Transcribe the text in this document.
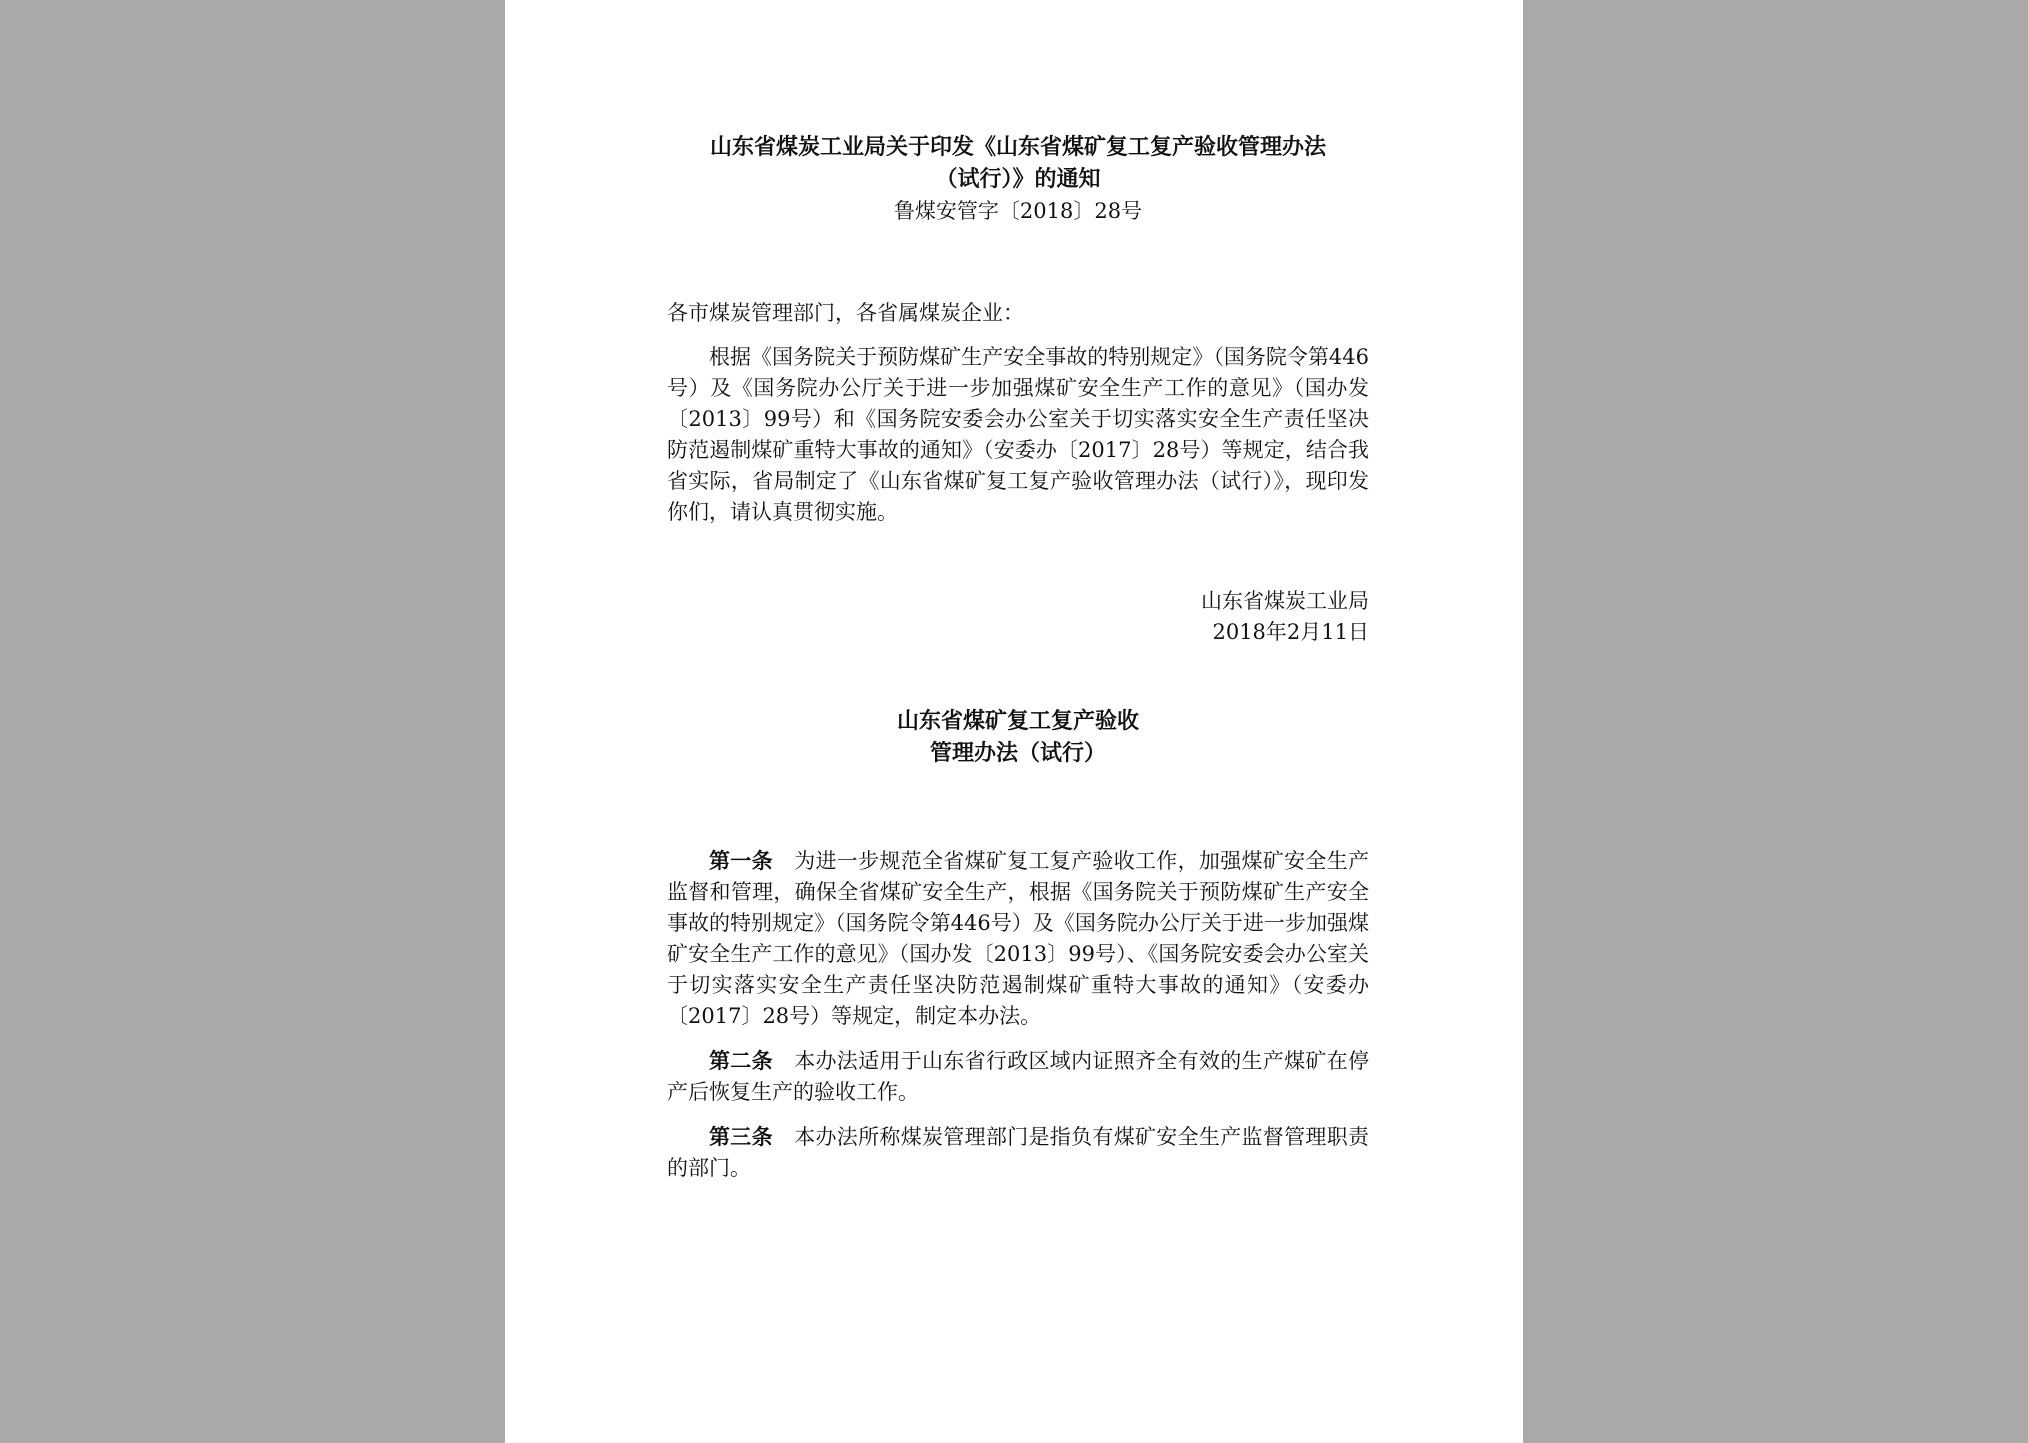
山东省煤炭工业局关于印发《山东省煤矿复工复产验收管理办法

（试行）》的通知

鲁煤安管字〔2018〕28号

各市煤炭管理部门，各省属煤炭企业：

根据《国务院关于预防煤矿生产安全事故的特别规定》（国务院令第446号）及《国务院办公厅关于进一步加强煤矿安全生产工作的意见》（国办发〔2013〕99号）和《国务院安委会办公室关于切实落实安全生产责任坚决防范遏制煤矿重特大事故的通知》（安委办〔2017〕28号）等规定，结合我省实际，省局制定了《山东省煤矿复工复产验收管理办法（试行）》，现印发你们，请认真贯彻实施。

山东省煤炭工业局
2018年2月11日
山东省煤矿复工复产验收
管理办法（试行）

第一条  为进一步规范全省煤矿复工复产验收工作，加强煤矿安全生产监督和管理，确保全省煤矿安全生产，根据《国务院关于预防煤矿生产安全事故的特别规定》（国务院令第446号）及《国务院办公厅关于进一步加强煤矿安全生产工作的意见》（国办发〔2013〕99号）、《国务院安委会办公室关于切实落实安全生产责任坚决防范遏制煤矿重特大事故的通知》（安委办〔2017〕28号）等规定，制定本办法。

第二条  本办法适用于山东省行政区域内证照齐全有效的生产煤矿在停产后恢复生产的验收工作。

第三条  本办法所称煤炭管理部门是指负有煤矿安全生产监督管理职责的部门。
